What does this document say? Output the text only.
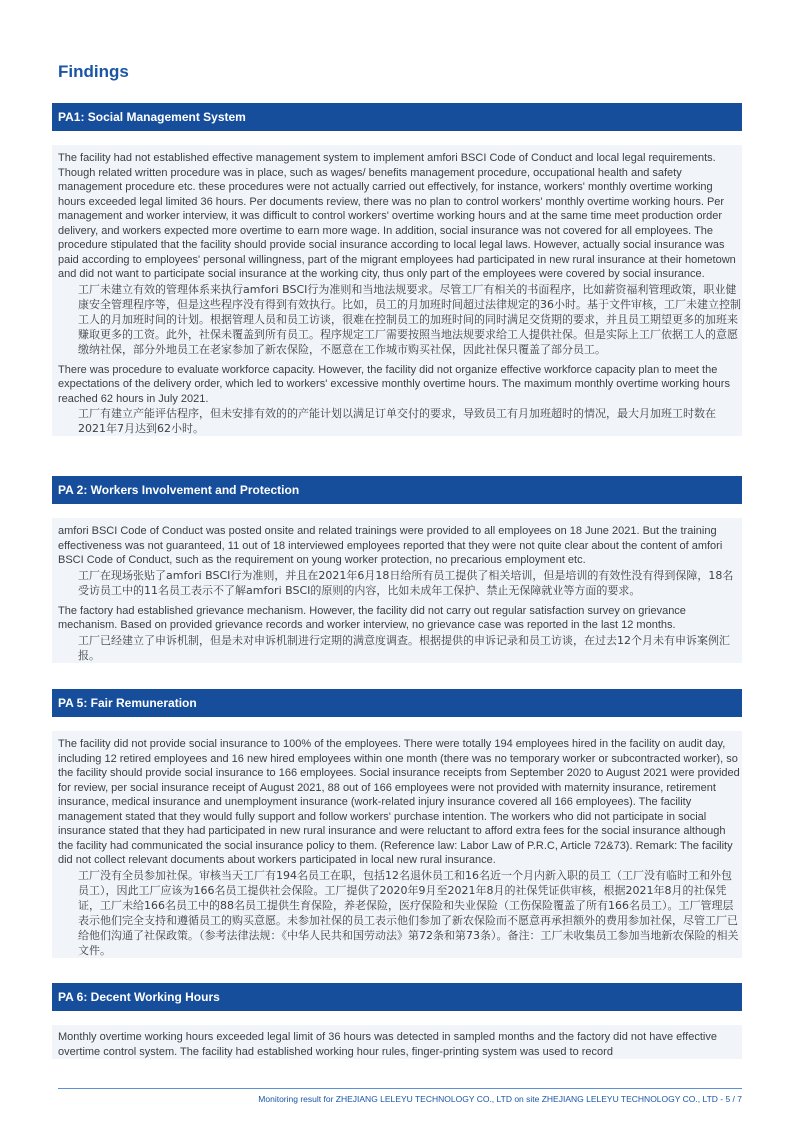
Findings
PA1: Social Management System

The facility had not established effective management system to implement amfori BSCI Code of Conduct and local legal requirements. Though related written procedure was in place, such as wages/ benefits management procedure, occupational health and safety management procedure etc. these procedures were not actually carried out effectively, for instance, workers' monthly overtime working hours exceeded legal limited 36 hours. Per documents review, there was no plan to control workers' monthly overtime working hours. Per management and worker interview, it was difficult to control workers' overtime working hours and at the same time meet production order delivery, and workers expected more overtime to earn more wage. In addition, social insurance was not covered for all employees. The procedure stipulated that the facility should provide social insurance according to local legal laws. However, actually social insurance was paid according to employees' personal willingness, part of the migrant employees had participated in new rural insurance at their hometown and did not want to participate social insurance at the working city, thus only part of the employees were covered by social insurance.

工厂未建立有效的管理体系来执行amfori BSCI行为准则和当地法规要求。尽管工厂有相关的书面程序，比如薪资福利管理政策，职业健康安全管理程序等，但是这些程序没有得到有效执行。比如，员工的月加班时间超过法律规定的36小时。基于文件审核，工厂未建立控制工人的月加班时间的计划。根据管理人员和员工访谈，很难在控制员工的加班时间的同时满足交货期的要求，并且员工期望更多的加班来赚取更多的工资。此外，社保未覆盖到所有员工。程序规定工厂需要按照当地法规要求给工人提供社保。但是实际上工厂依据工人的意愿缴纳社保，部分外地员工在老家参加了新农保险，不愿意在工作城市购买社保，因此社保只覆盖了部分员工。

There was procedure to evaluate workforce capacity. However, the facility did not organize effective workforce capacity plan to meet the expectations of the delivery order, which led to workers' excessive monthly overtime hours. The maximum monthly overtime working hours reached 62 hours in July 2021.

工厂有建立产能评估程序，但未安排有效的的产能计划以满足订单交付的要求，导致员工有月加班超时的情况，最大月加班工时数在2021年7月达到62小时。

PA 2: Workers Involvement and Protection

amfori BSCI Code of Conduct was posted onsite and related trainings were provided to all employees on 18 June 2021. But the training effectiveness was not guaranteed, 11 out of 18 interviewed employees reported that they were not quite clear about the content of amfori BSCI Code of Conduct, such as the requirement on young worker protection, no precarious employment etc.

工厂在现场张贴了amfori BSCI行为准则，并且在2021年6月18日给所有员工提供了相关培训，但是培训的有效性没有得到保障，18名受访员工中的11名员工表示不了解amfori BSCI的原则的内容，比如未成年工保护、禁止无保障就业等方面的要求。

The factory had established grievance mechanism. However, the facility did not carry out regular satisfaction survey on grievance mechanism. Based on provided grievance records and worker interview, no grievance case was reported in the last 12 months.

工厂已经建立了申诉机制，但是未对申诉机制进行定期的满意度调查。根据提供的申诉记录和员工访谈，在过去12个月未有申诉案例汇报。

PA 5: Fair Remuneration

The facility did not provide social insurance to 100% of the employees. There were totally 194 employees hired in the facility on audit day, including 12 retired employees and 16 new hired employees within one month (there was no temporary worker or subcontracted worker), so the facility should provide social insurance to 166 employees. Social insurance receipts from September 2020 to August 2021 were provided for review, per social insurance receipt of August 2021, 88 out of 166 employees were not provided with maternity insurance, retirement insurance, medical insurance and unemployment insurance (work-related injury insurance covered all 166 employees). The facility management stated that they would fully support and follow workers' purchase intention. The workers who did not participate in social insurance stated that they had participated in new rural insurance and were reluctant to afford extra fees for the social insurance although the facility had communicated the social insurance policy to them. (Reference law: Labor Law of P.R.C, Article 72&73). Remark: The facility did not collect relevant documents about workers participated in local new rural insurance.

工厂没有全员参加社保。审核当天工厂有194名员工在职，包括12名退休员工和16名近一个月内新入职的员工（工厂没有临时工和外包员工），因此工厂应该为166名员工提供社会保险。工厂提供了2020年9月至2021年8月的社保凭证供审核，根据2021年8月的社保凭证，工厂未给166名员工中的88名员工提供生育保险，养老保险，医疗保险和失业保险（工伤保险覆盖了所有166名员工）。工厂管理层表示他们完全支持和遵循员工的购买意愿。未参加社保的员工表示他们参加了新农保险而不愿意再承担额外的费用参加社保，尽管工厂已给他们沟通了社保政策。（参考法律法规：《中华人民共和国劳动法》第72条和第73条）。备注：工厂未收集员工参加当地新农保险的相关文件。

PA 6: Decent Working Hours

Monthly overtime working hours exceeded legal limit of 36 hours was detected in sampled months and the factory did not have effective overtime control system. The facility had established working hour rules, finger-printing system was used to record

Monitoring result for ZHEJIANG LELEYU TECHNOLOGY CO., LTD on site ZHEJIANG LELEYU TECHNOLOGY CO., LTD - 5 / 7
